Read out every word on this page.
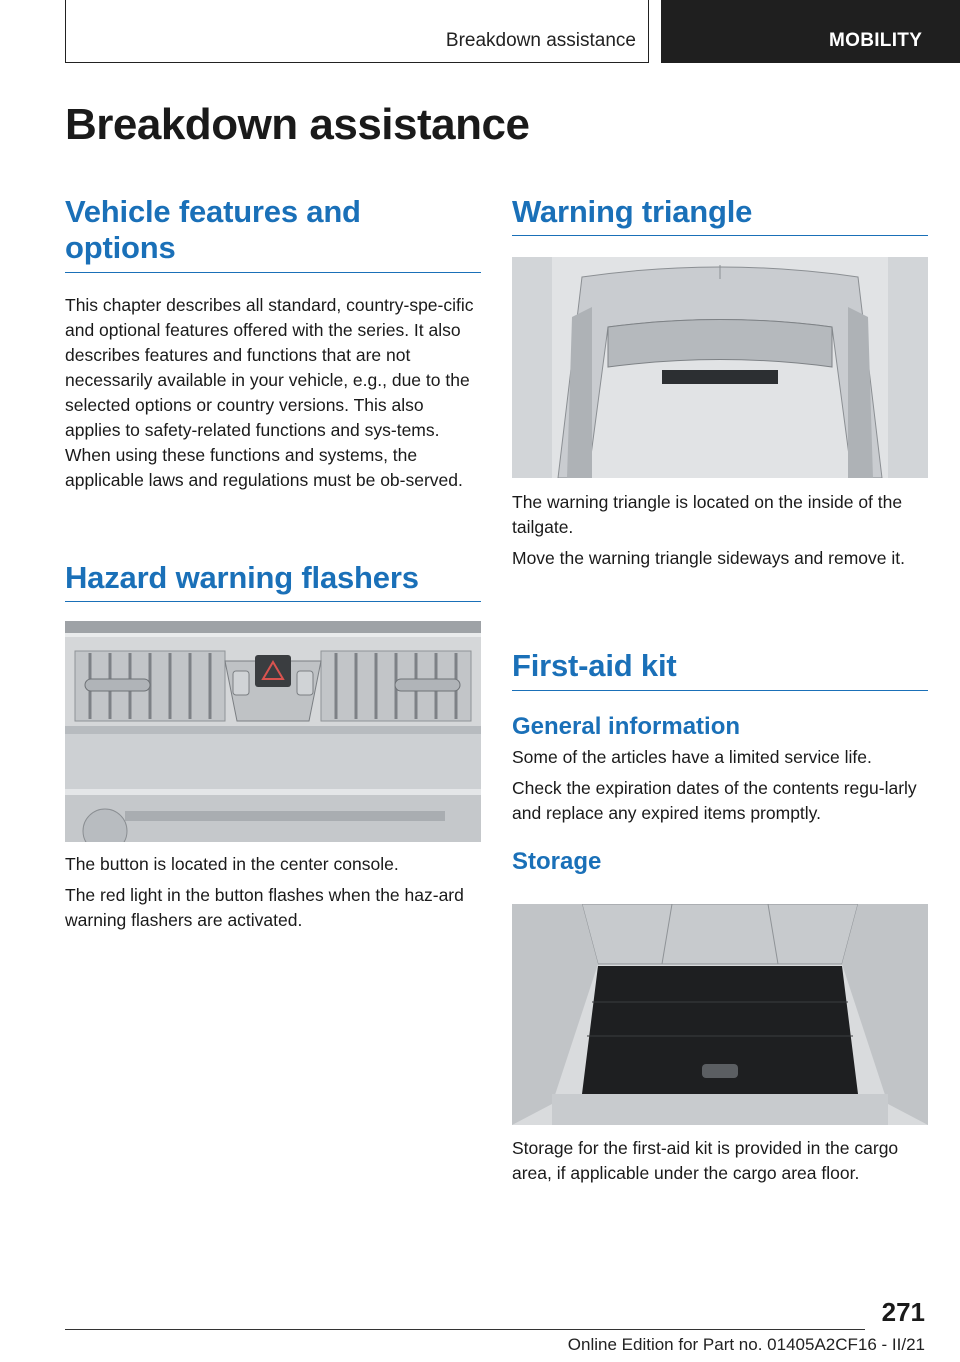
Breakdown assistance	MOBILITY
Breakdown assistance
Vehicle features and options

This chapter describes all standard, country-spe-cific and optional features offered with the series. It also describes features and functions that are not necessarily available in your vehicle, e.g., due to the selected options or country versions. This also applies to safety-related functions and sys-tems. When using these functions and systems, the applicable laws and regulations must be ob-served.

Hazard warning flashers

The button is located in the center console.

The red light in the button flashes when the haz-ard warning flashers are activated.

Warning triangle

The warning triangle is located on the inside of the tailgate.

Move the warning triangle sideways and remove it.

First-aid kit
General information

Some of the articles have a limited service life.

Check the expiration dates of the contents regu-larly and replace any expired items promptly.

Storage

Storage for the first-aid kit is provided in the cargo area, if applicable under the cargo area floor.

271
Online Edition for Part no. 01405A2CF16 - II/21
